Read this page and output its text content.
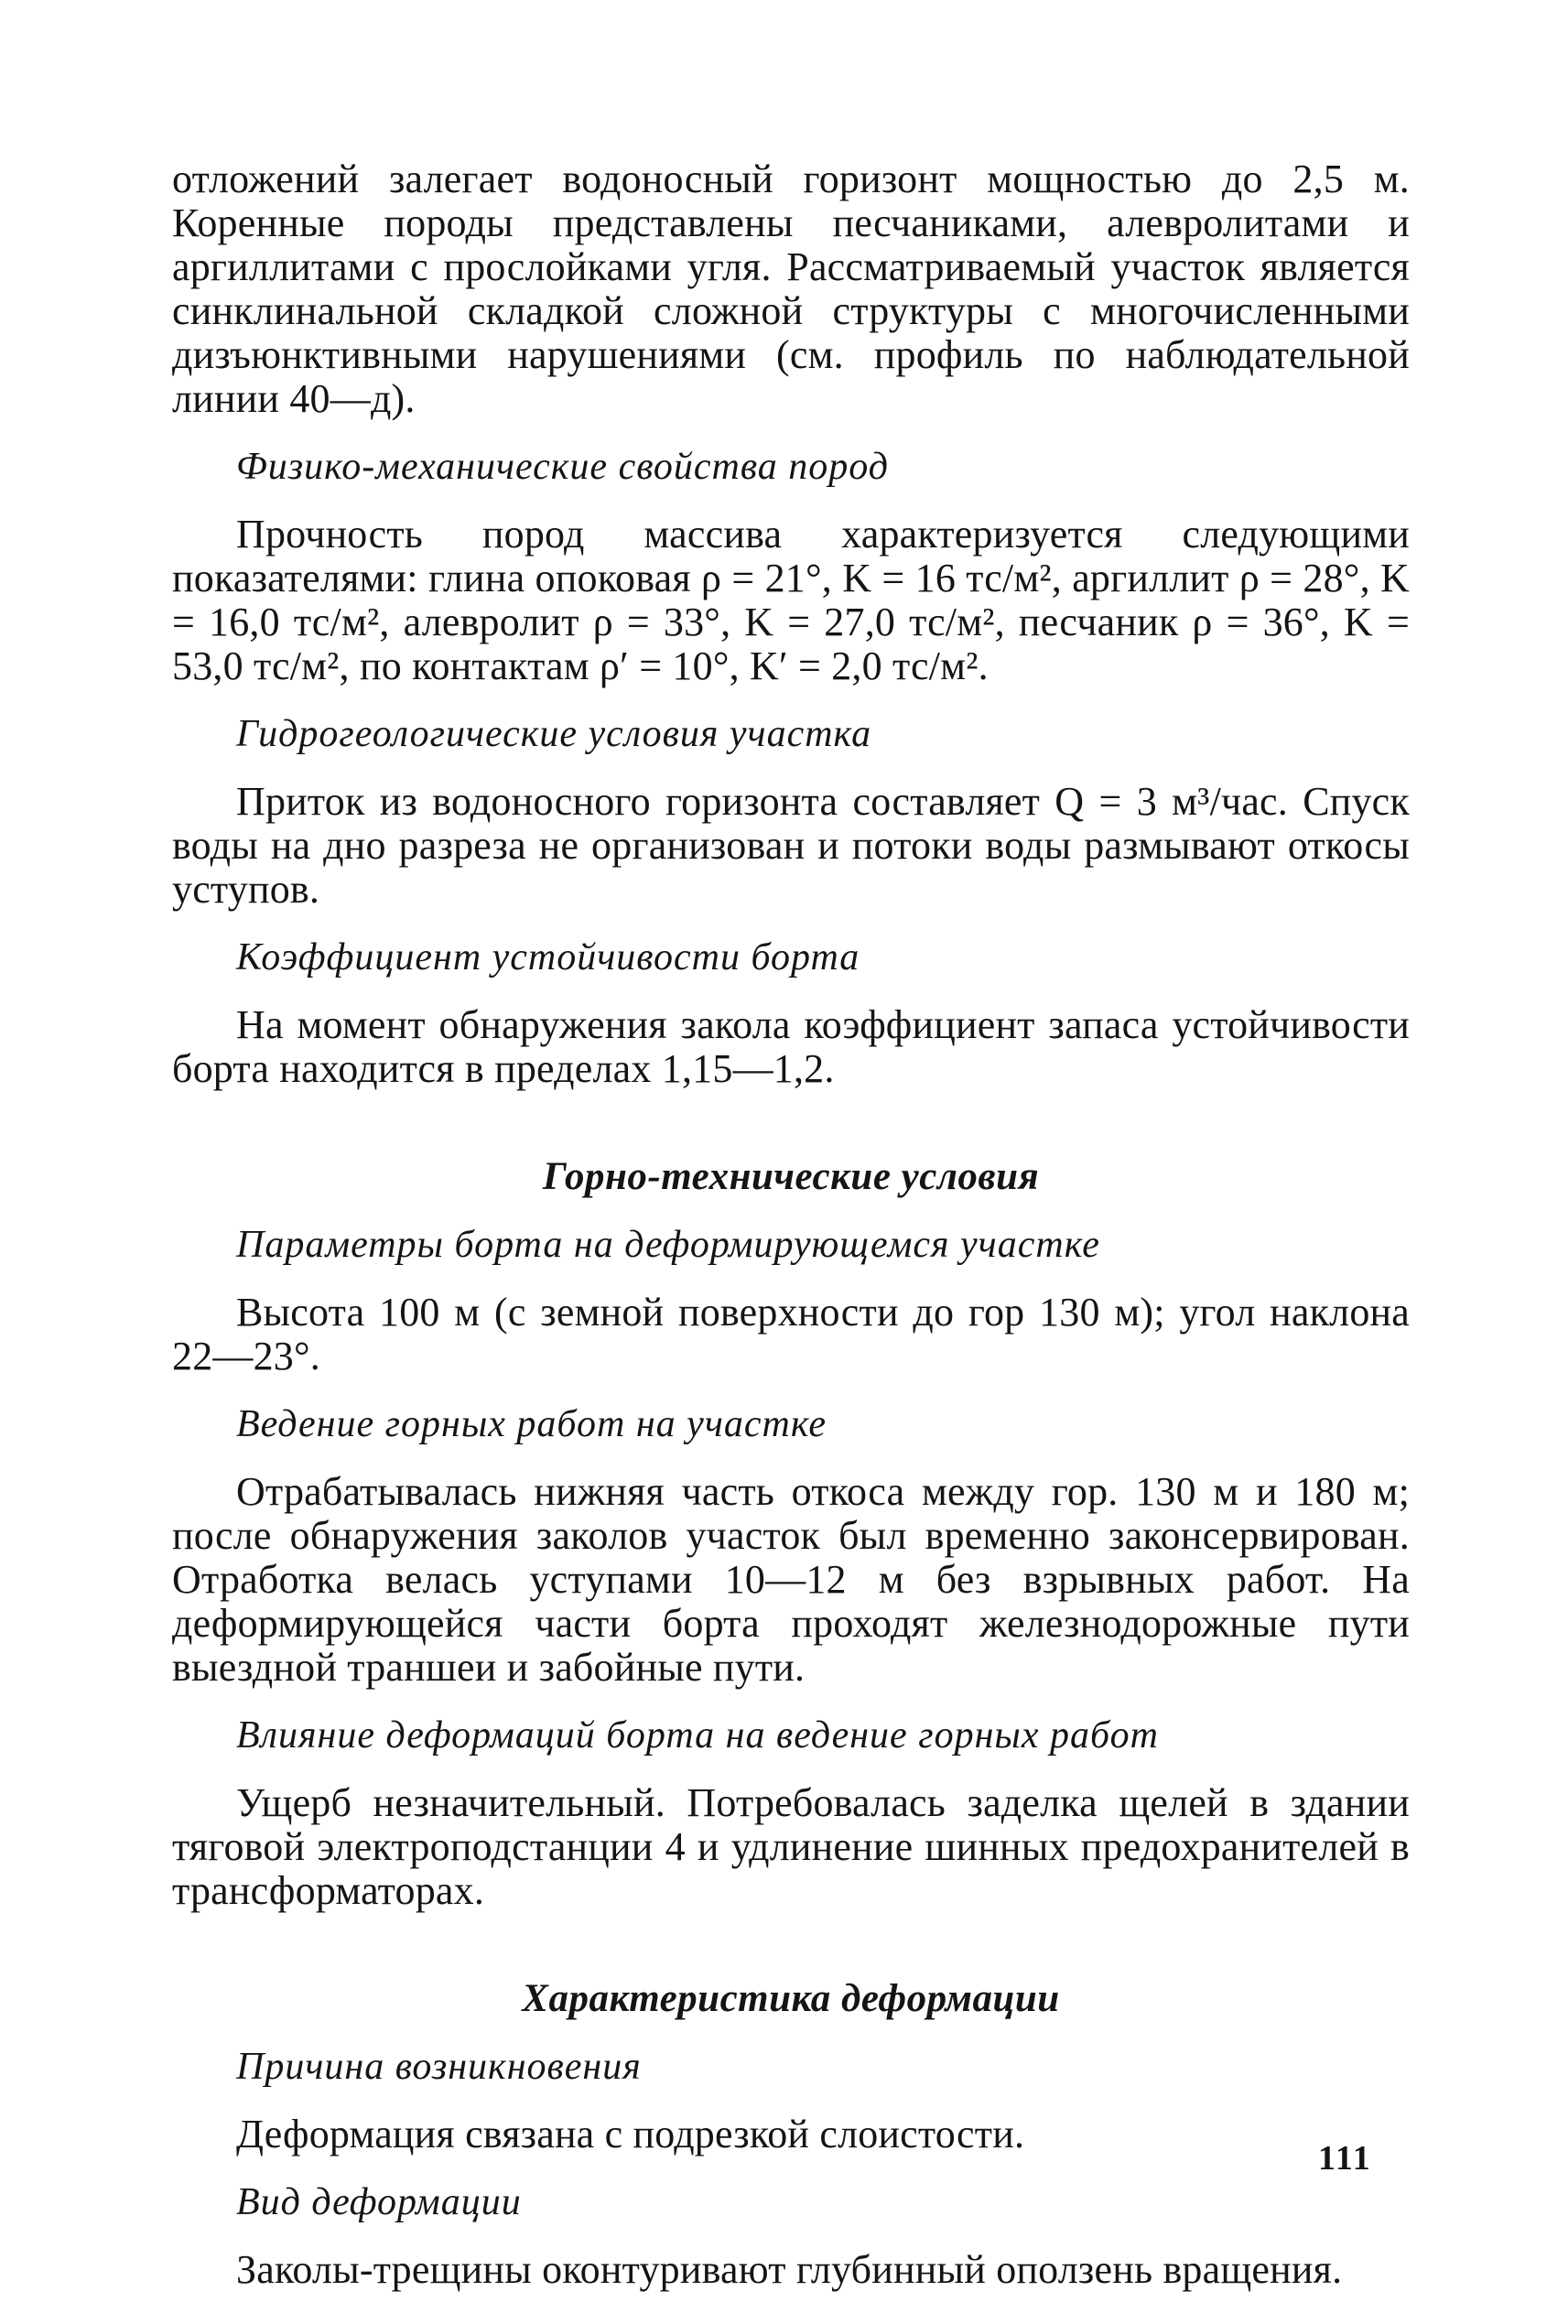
отложений залегает водоносный горизонт мощностью до 2,5 м. Коренные породы представлены песчаниками, алевролитами и аргиллитами с прослойками угля. Рассматриваемый участок является синклинальной складкой сложной структуры с многочисленными дизъюнктивными нарушениями (см. профиль по наблюдательной линии 40—д).

Физико-механические свойства пород

Прочность пород массива характеризуется следующими показателями: глина опоковая ρ = 21°, K = 16 тс/м², аргиллит ρ = 28°, K = 16,0 тс/м², алевролит ρ = 33°, K = 27,0 тс/м², песчаник ρ = 36°, K = 53,0 тс/м², по контактам ρ′ = 10°, K′ = 2,0 тс/м².

Гидрогеологические условия участка

Приток из водоносного горизонта составляет Q = 3 м³/час. Спуск воды на дно разреза не организован и потоки воды размывают откосы уступов.

Коэффициент устойчивости борта

На момент обнаружения закола коэффициент запаса устойчивости борта находится в пределах 1,15—1,2.

Горно-технические условия

Параметры борта на деформирующемся участке

Высота 100 м (с земной поверхности до гор 130 м); угол наклона 22—23°.

Ведение горных работ на участке

Отрабатывалась нижняя часть откоса между гор. 130 м и 180 м; после обнаружения заколов участок был временно законсервирован. Отработка велась уступами 10—12 м без взрывных работ. На деформирующейся части борта проходят железнодорожные пути выездной траншеи и забойные пути.

Влияние деформаций борта на ведение горных работ

Ущерб незначительный. Потребовалась заделка щелей в здании тяговой электроподстанции 4 и удлинение шинных предохранителей в трансформаторах.

Характеристика деформации

Причина возникновения

Деформация связана с подрезкой слоистости.

Вид деформации

Заколы-трещины оконтуривают глубинный оползень вращения.

111
